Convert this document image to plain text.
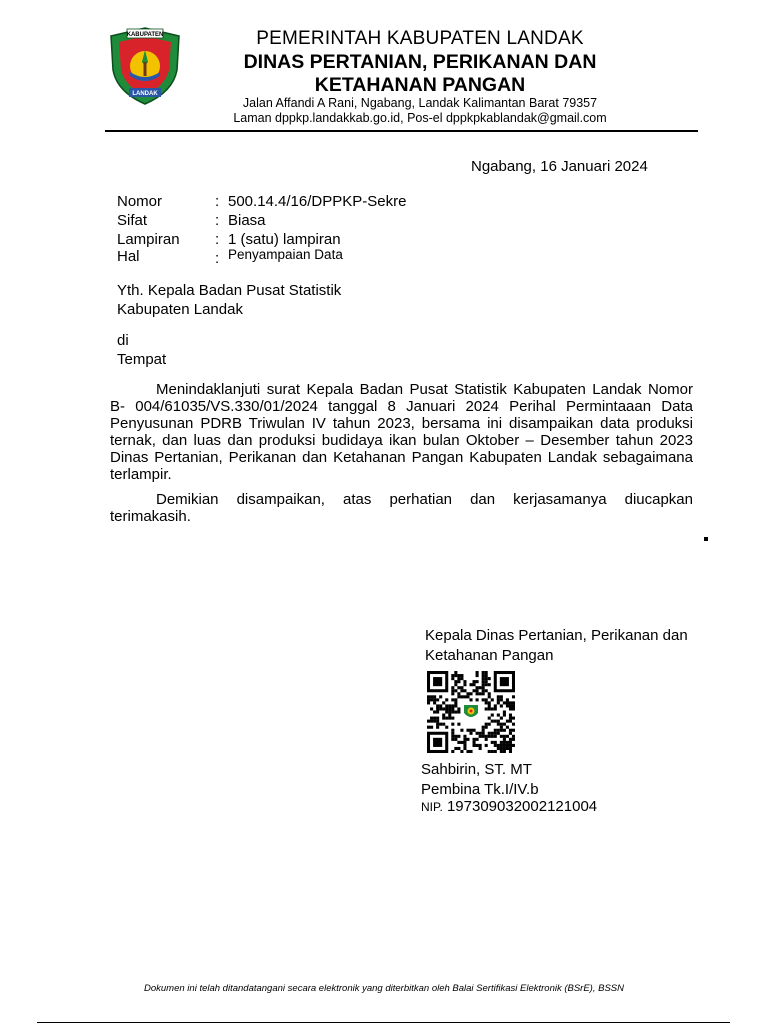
KABUPATEN
LANDAK
PEMERINTAH KABUPATEN LANDAK
DINAS PERTANIAN, PERIKANAN DAN
KETAHANAN PANGAN
Jalan Affandi A Rani, Ngabang, Landak Kalimantan Barat 79357
Laman dppkp.landakkab.go.id, Pos-el dppkpkablandak@gmail.com
Ngabang, 16 Januari 2024
Nomor	: 500.14.4/16/DPPKP-Sekre
Sifat	: Biasa
Lampiran : 1 (satu) lampiran
Hal	: Penyampaian Data
Yth. Kepala Badan Pusat Statistik
Kabupaten Landak
di
Tempat

Menindaklanjuti surat Kepala Badan Pusat Statistik Kabupaten Landak Nomor B- 004/61035/VS.330/01/2024 tanggal 8 Januari 2024 Perihal Permintaaan Data Penyusunan PDRB Triwulan IV tahun 2023, bersama ini disampaikan data produksi ternak, dan luas dan produksi budidaya ikan bulan Oktober – Desember tahun 2023 Dinas Pertanian, Perikanan dan Ketahanan Pangan Kabupaten Landak sebagaimana terlampir.

Demikian disampaikan, atas perhatian dan kerjasamanya diucapkan terimakasih.

Kepala Dinas Pertanian, Perikanan dan
Ketahanan Pangan
Sahbirin, ST. MT
Pembina Tk.I/IV.b
NIP. 197309032002121004
Dokumen ini telah ditandatangani secara elektronik yang diterbitkan oleh Balai Sertifikasi Elektronik (BSrE), BSSN
